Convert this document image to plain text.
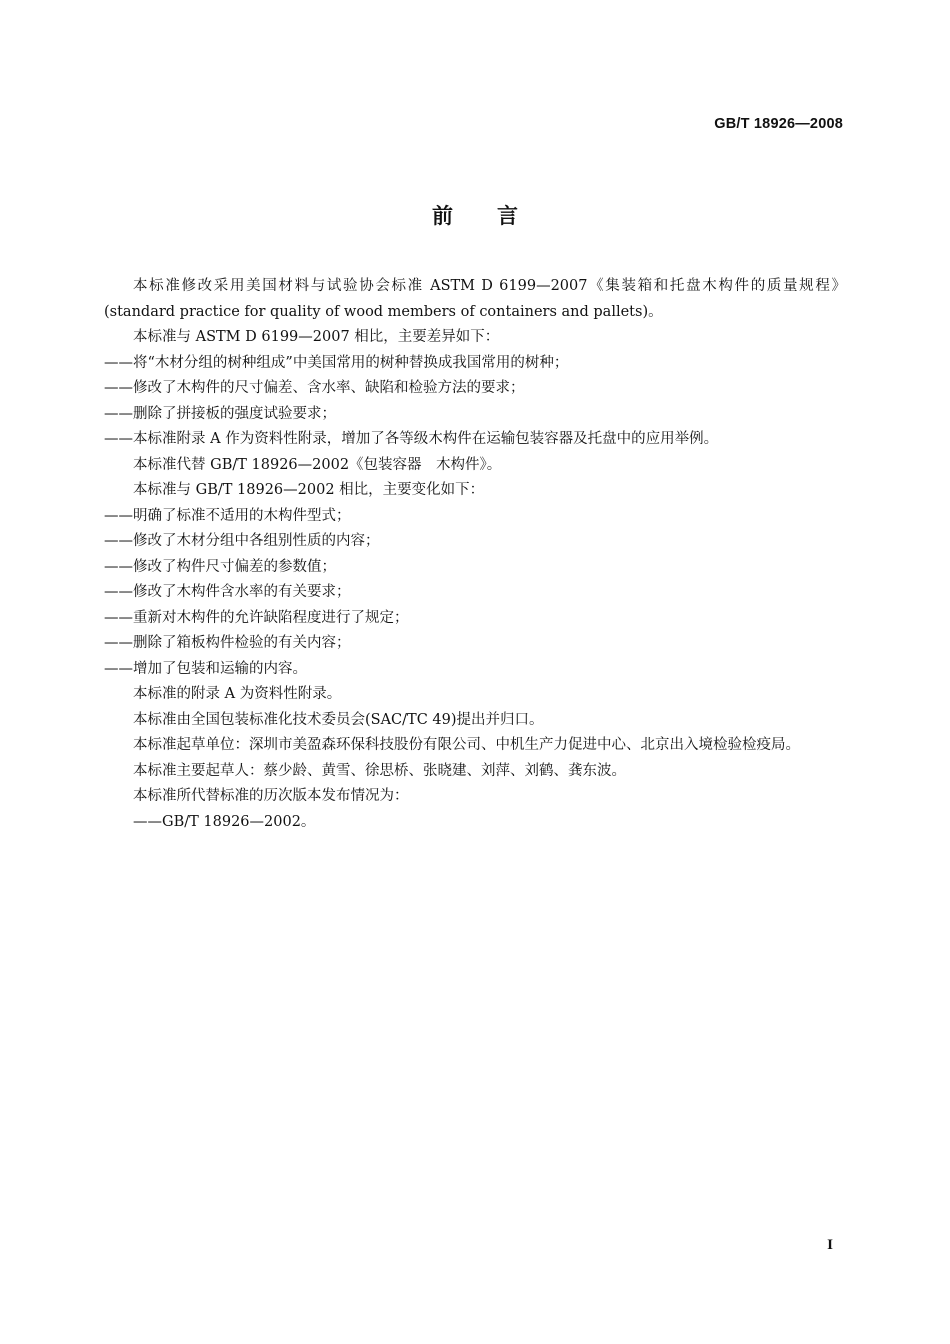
GB/T 18926—2008
前言

本标准修改采用美国材料与试验协会标准 ASTM D 6199—2007《集装箱和托盘木构件的质量规程》(standard practice for quality of wood members of containers and pallets)。

本标准与 ASTM D 6199—2007 相比，主要差异如下：

——将“木材分组的树种组成”中美国常用的树种替换成我国常用的树种；

——修改了木构件的尺寸偏差、含水率、缺陷和检验方法的要求；

——删除了拼接板的强度试验要求；

——本标准附录 A 作为资料性附录，增加了各等级木构件在运输包装容器及托盘中的应用举例。

本标准代替 GB/T 18926—2002《包装容器　木构件》。

本标准与 GB/T 18926—2002 相比，主要变化如下：

——明确了标准不适用的木构件型式；

——修改了木材分组中各组别性质的内容；

——修改了构件尺寸偏差的参数值；

——修改了木构件含水率的有关要求；

——重新对木构件的允许缺陷程度进行了规定；

——删除了箱板构件检验的有关内容；

——增加了包装和运输的内容。

本标准的附录 A 为资料性附录。

本标准由全国包装标准化技术委员会(SAC/TC 49)提出并归口。

本标准起草单位：深圳市美盈森环保科技股份有限公司、中机生产力促进中心、北京出入境检验检疫局。

本标准主要起草人：蔡少龄、黄雪、徐思桥、张晓建、刘萍、刘鹤、龚东波。

本标准所代替标准的历次版本发布情况为：

——GB/T 18926—2002。

I
